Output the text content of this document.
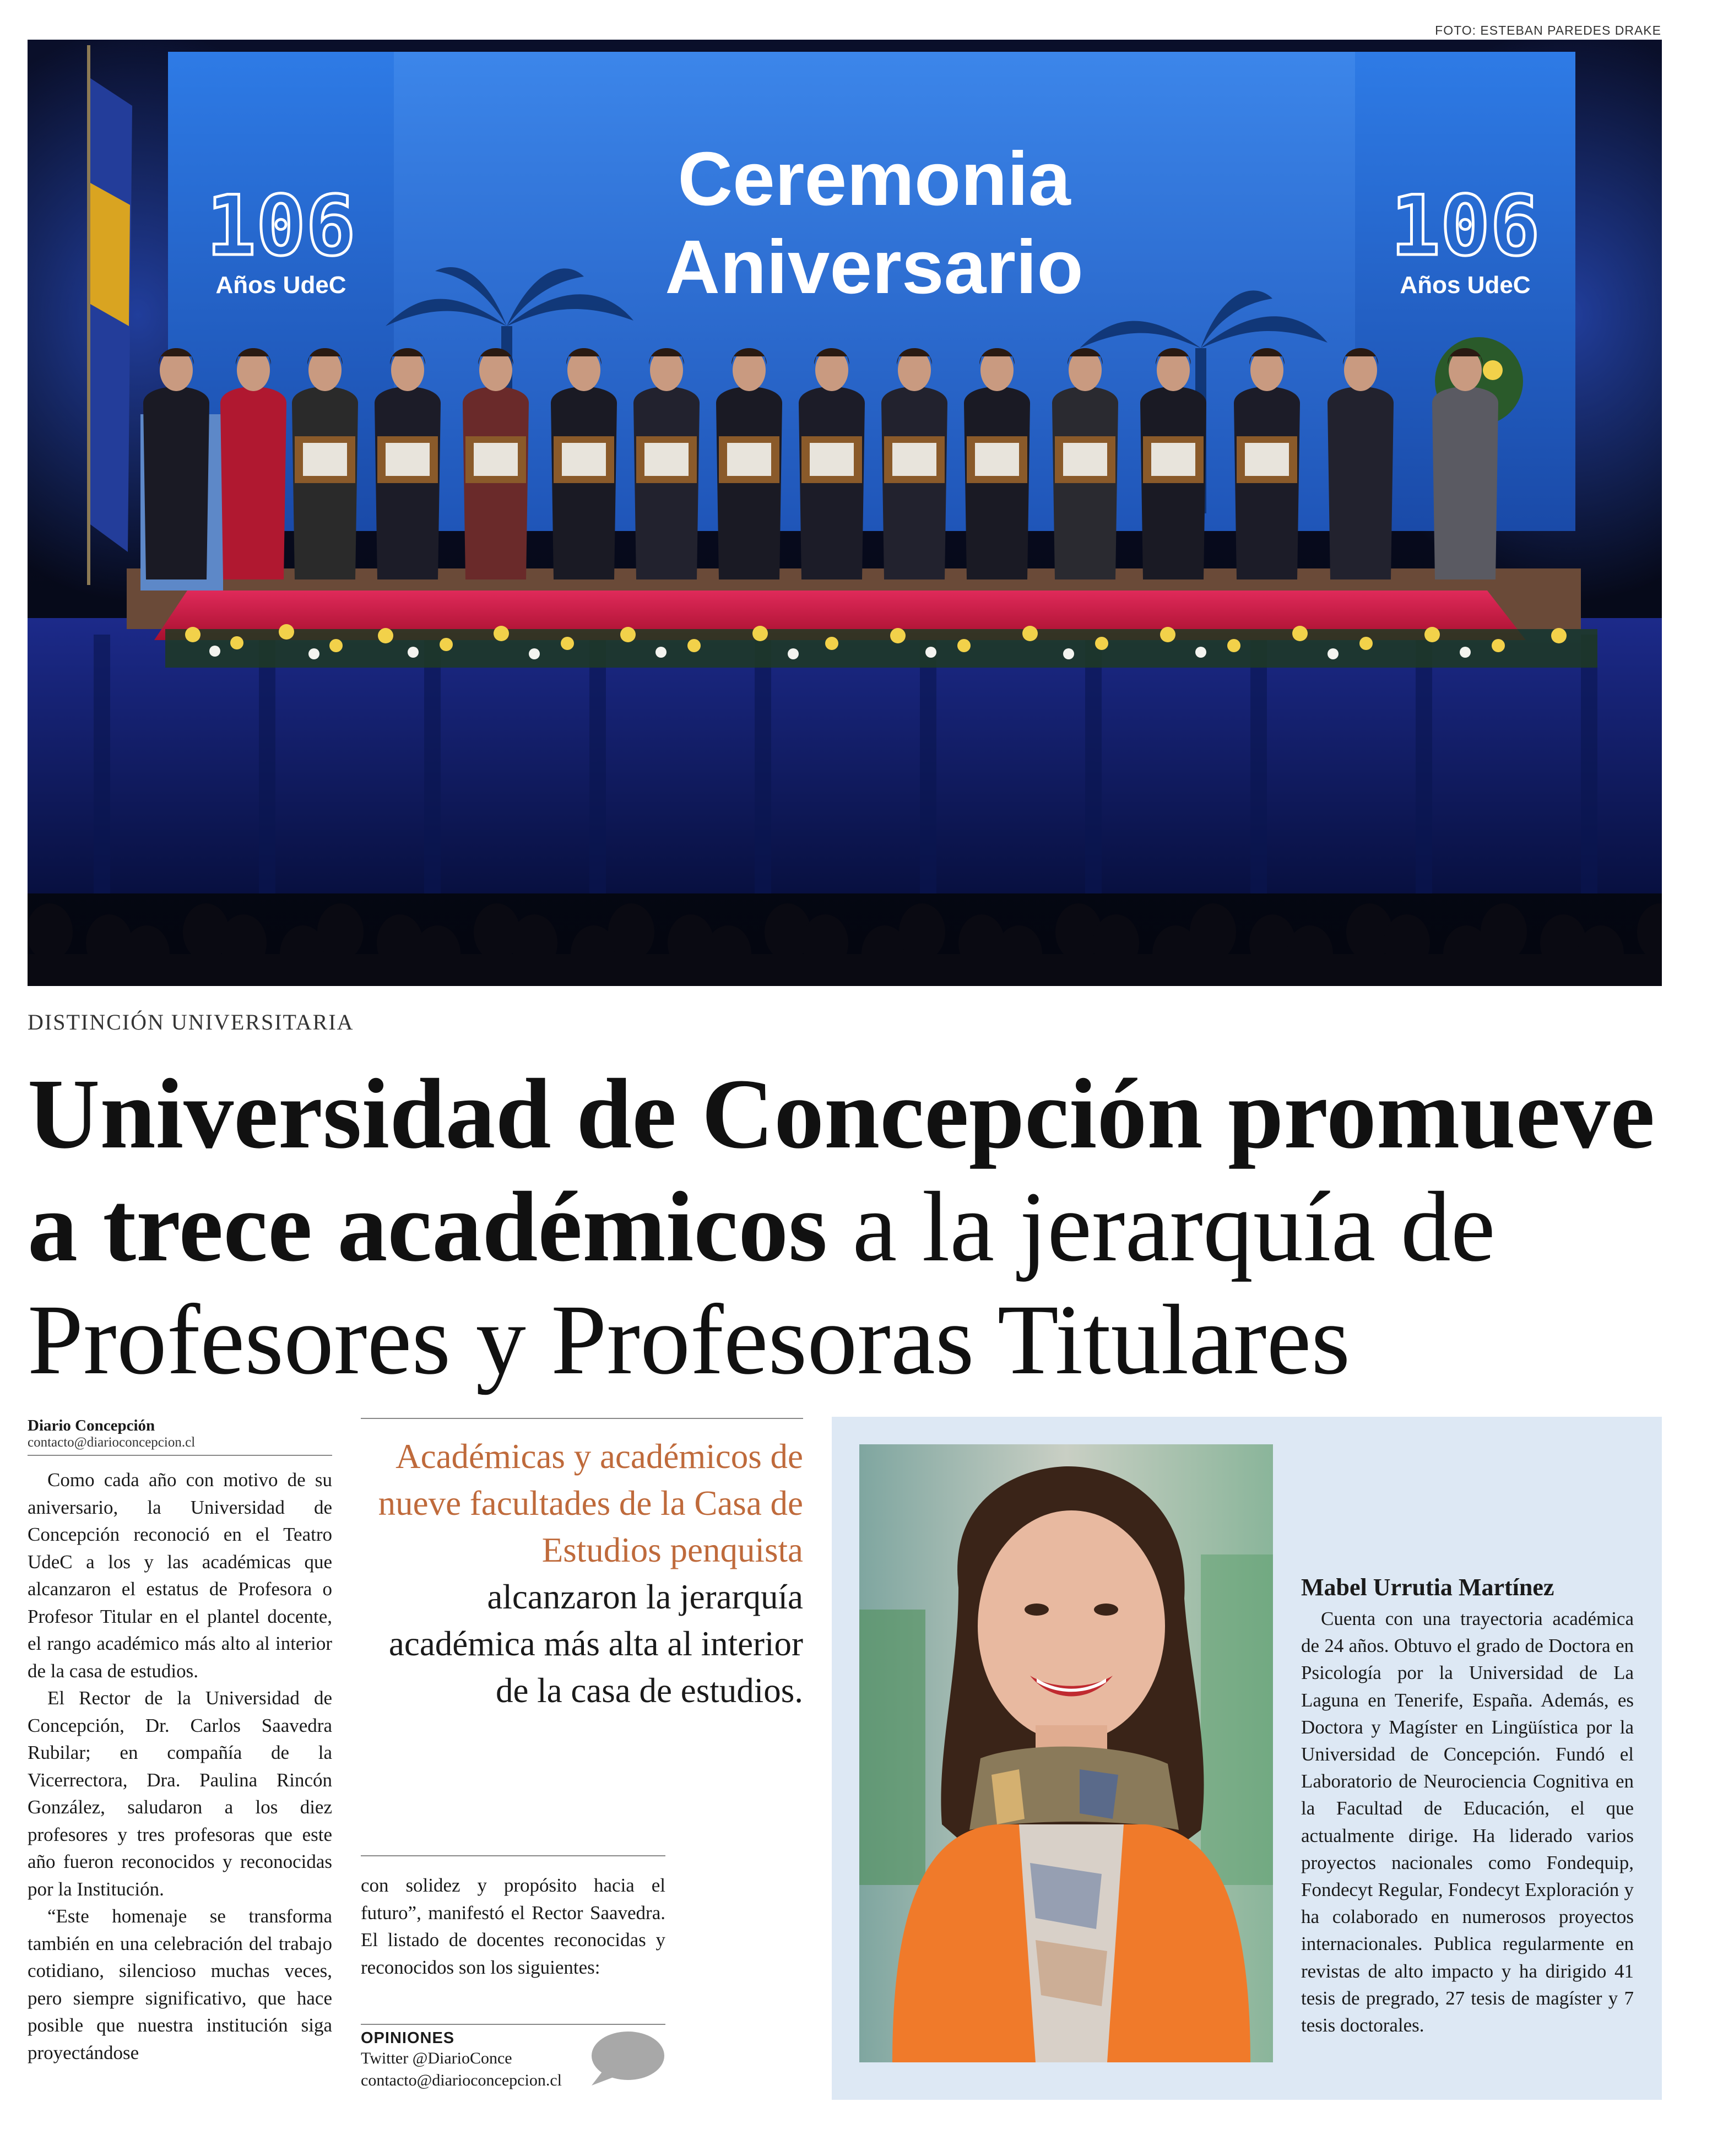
FOTO: ESTEBAN PAREDES DRAKE
Ceremonia
Aniversario
106
Años UdeC
106
Años UdeC
DISTINCIÓN UNIVERSITARIA
Universidad de Concepción promueve
a trece académicos a la jerarquía de
Profesores y Profesoras Titulares
Diario Concepción
contacto@diarioconcepcion.cl

Como cada año con motivo de su aniversario, la Universidad de Concepción reconoció en el Teatro UdeC a los y las académicas que alcanzaron el estatus de Profesora o Profesor Titular en el plantel docente, el rango académico más alto al interior de la casa de estudios.

El Rector de la Universidad de Concepción, Dr. Carlos Saavedra Rubilar; en compañía de la Vicerrectora, Dra. Paulina Rincón González, saludaron a los diez profesores y tres profesoras que este año fueron reconocidos y reconocidas por la Institución.

“Este homenaje se transforma también en una celebración del trabajo cotidiano, silencioso muchas veces, pero siempre significativo, que hace posible que nuestra institución siga proyectándose

Académicas y académicos de nueve facultades de la Casa de Estudios penquista
alcanzaron la jerarquía académica más alta al interior de la casa de estudios.

con solidez y propósito hacia el futuro”, manifestó el Rector Saavedra. El listado de docentes reconocidas y reconocidos son los siguientes:

OPINIONES
Twitter @DiarioConce
contacto@diarioconcepcion.cl
Mabel Urrutia Martínez

Cuenta con una trayectoria académica de 24 años. Obtuvo el grado de Doctora en Psicología por la Universidad de La Laguna en Tenerife, España. Además, es Doctora y Magíster en Lingüística por la Universidad de Concepción. Fundó el Laboratorio de Neurociencia Cognitiva en la Facultad de Educación, el que actualmente dirige. Ha liderado varios proyectos nacionales como Fondequip, Fondecyt Regular, Fondecyt Exploración y ha colaborado en numerosos proyectos internacionales. Publica regularmente en revistas de alto impacto y ha dirigido 41 tesis de pregrado, 27 tesis de magíster y 7 tesis doctorales.
